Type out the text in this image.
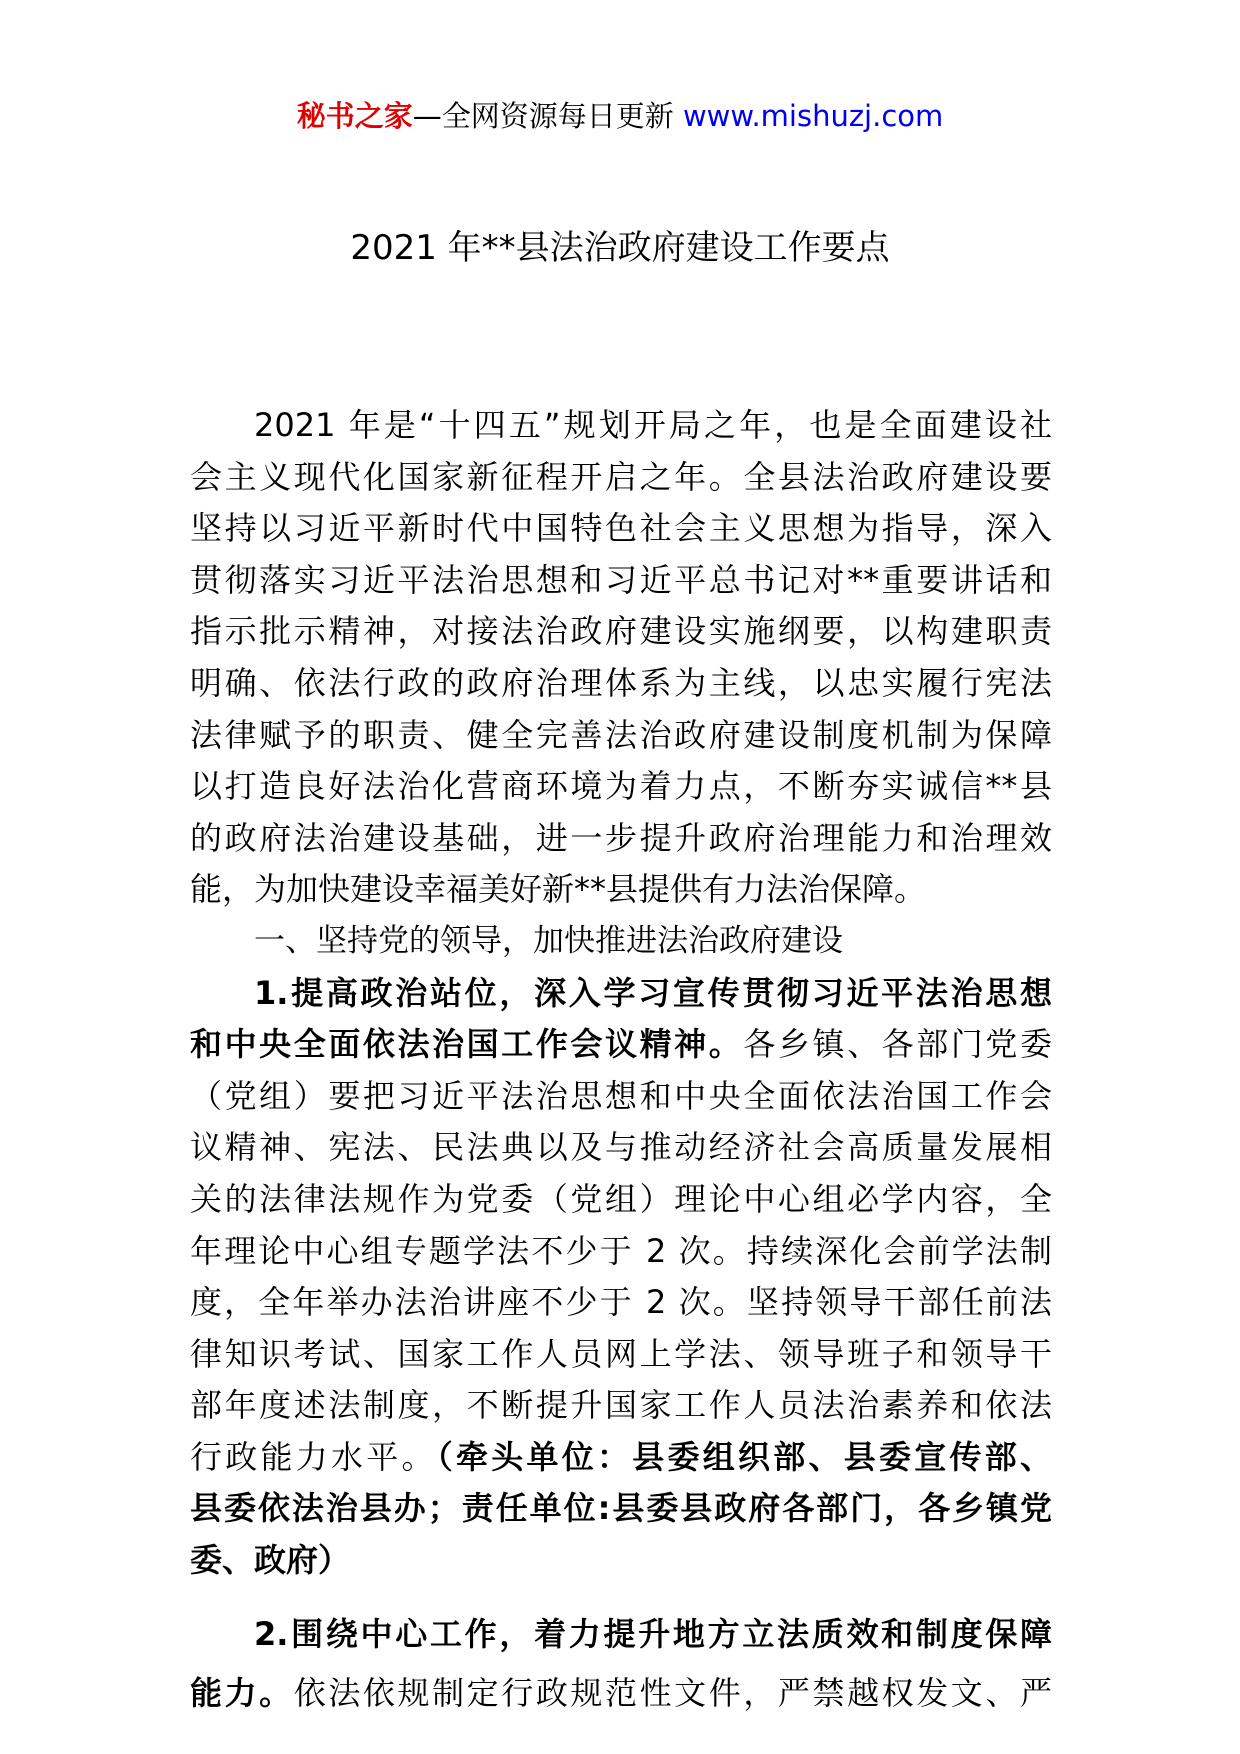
秘书之家—全网资源每日更新 www.mishuzj.com
2021 年**县法治政府建设工作要点
2021 年是“十四五”规划开局之年，也是全面建设社
会主义现代化国家新征程开启之年。全县法治政府建设要
坚持以习近平新时代中国特色社会主义思想为指导，深入
贯彻落实习近平法治思想和习近平总书记对**重要讲话和
指示批示精神，对接法治政府建设实施纲要，以构建职责
明确、依法行政的政府治理体系为主线，以忠实履行宪法
法律赋予的职责、健全完善法治政府建设制度机制为保障
以打造良好法治化营商环境为着力点，不断夯实诚信**县
的政府法治建设基础，进一步提升政府治理能力和治理效
能，为加快建设幸福美好新**县提供有力法治保障。
一、坚持党的领导，加快推进法治政府建设
1.提高政治站位，深入学习宣传贯彻习近平法治思想
和中央全面依法治国工作会议精神。各乡镇、各部门党委
（党组）要把习近平法治思想和中央全面依法治国工作会
议精神、宪法、民法典以及与推动经济社会高质量发展相
关的法律法规作为党委（党组）理论中心组必学内容，全
年理论中心组专题学法不少于 2 次。持续深化会前学法制
度，全年举办法治讲座不少于 2 次。坚持领导干部任前法
律知识考试、国家工作人员网上学法、领导班子和领导干
部年度述法制度，不断提升国家工作人员法治素养和依法
行政能力水平。（牵头单位：县委组织部、县委宣传部、
县委依法治县办；责任单位:县委县政府各部门，各乡镇党
委、政府）
2.围绕中心工作，着力提升地方立法质效和制度保障
能力。依法依规制定行政规范性文件，严禁越权发文、严
